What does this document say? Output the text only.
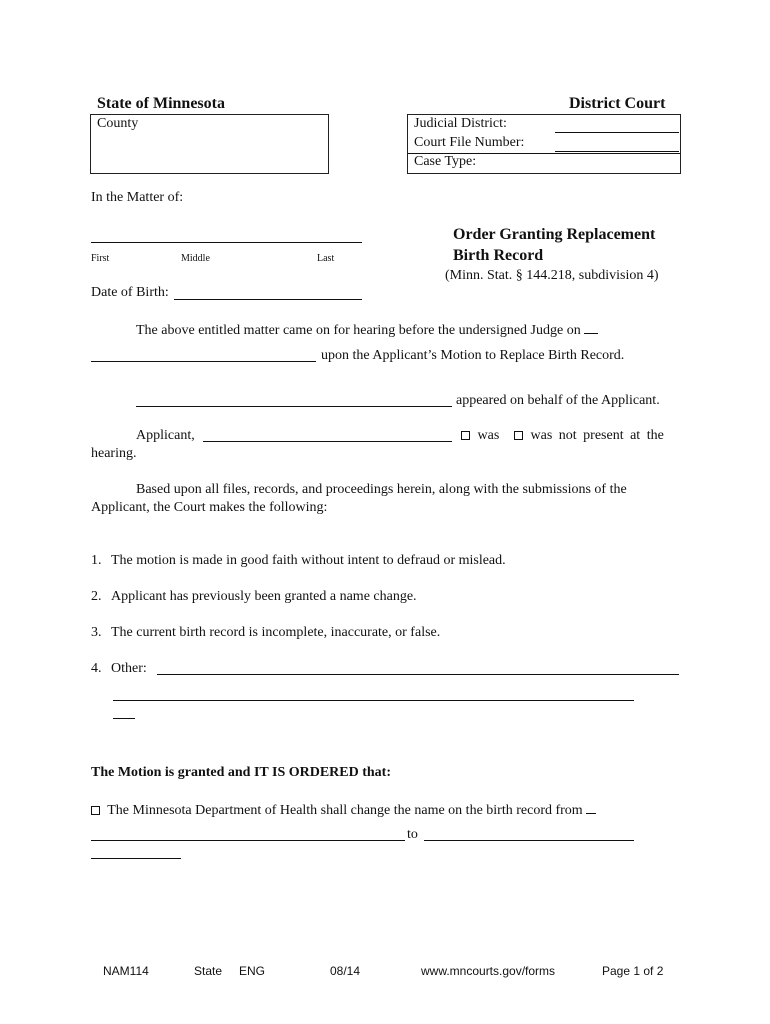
State of Minnesota	District Court
County	Judicial District:
Court File Number:
Case Type:
In the Matter of:
First	Middle	Last
Date of Birth:
Order Granting Replacement
Birth Record
(Minn. Stat. § 144.218, subdivision 4)
The above entitled matter came on for hearing before the undersigned Judge on
upon the Applicant’s Motion to Replace Birth Record.
appeared on behalf of the Applicant.
Applicant,	was	was not present at the
hearing.
Based upon all files, records, and proceedings herein, along with the submissions of the
Applicant, the Court makes the following:
1. The motion is made in good faith without intent to defraud or mislead.
2. Applicant has previously been granted a name change.
3. The current birth record is incomplete, inaccurate, or false.
4. Other:
The Motion is granted and IT IS ORDERED that:
The Minnesota Department of Health shall change the name on the birth record from
to
NAM114	State ENG	08/14	www.mncourts.gov/forms	Page 1 of 2
